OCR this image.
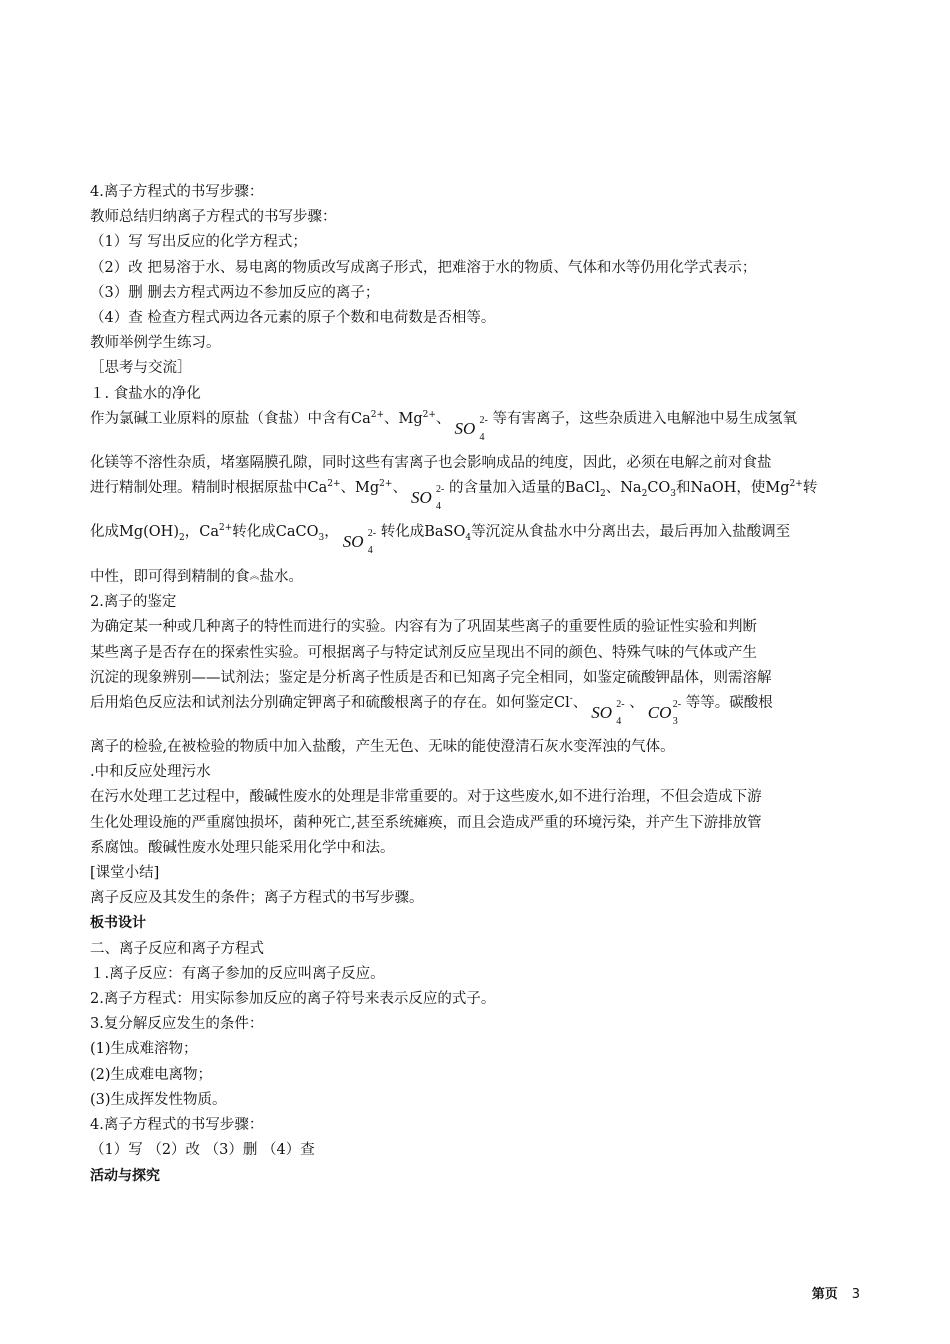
4.离子方程式的书写步骤：
教师总结归纳离子方程式的书写步骤：
（1）写 写出反应的化学方程式；
（2）改 把易溶于水、易电离的物质改写成离子形式，把难溶于水的物质、气体和水等仍用化学式表示；
（3）删 删去方程式两边不参加反应的离子；
（4）查 检查方程式两边各元素的原子个数和电荷数是否相等。
教师举例学生练习。
［思考与交流］
１. 食盐水的净化
作为氯碱工业原料的原盐（食盐）中含有$Ca^{2+}$、$Mg^{2+}$、 SO 2-
4
等有害离子，这些杂质进入电解池中易生成氢氧
化镁等不溶性杂质，堵塞隔膜孔隙，同时这些有害离子也会影响成品的纯度，因此，必须在电解之前对食盐
进行精制处理。精制时根据原盐中$Ca^{2+}$、$Mg^{2+}$、 SO 2-
4
的含量加入适量的BaCl$_2$、$Na_2CO_3$和NaOH，使$Mg^{2+}$转
化成$Mg(OH)_2$，$Ca^{2+}$转化成CaCO$_3$， SO 2-
4
转化成BaSO$_4$等沉淀从食盐水中分离出去，最后再加入盐酸调至
中性，即可得到精制的食︽盐水。
2.离子的鉴定
为确定某一种或几种离子的特性而进行的实验。内容有为了巩固某些离子的重要性质的验证性实验和判断
某些离子是否存在的探索性实验。可根据离子与特定试剂反应呈现出不同的颜色、特殊气味的气体或产生
沉淀的现象辨别——试剂法；鉴定是分析离子性质是否和已知离子完全相同，如鉴定硫酸钾晶体，则需溶解
后用焰色反应法和试剂法分别确定钾离子和硫酸根离子的存在。如何鉴定Cl-、 SO 2-
4
、 CO 2-
3
等等。碳酸根
离子的检验,在被检验的物质中加入盐酸，产生无色、无味的能使澄清石灰水变浑浊的气体。
.中和反应处理污水
在污水处理工艺过程中，酸碱性废水的处理是非常重要的。对于这些废水,如不进行治理，不但会造成下游
生化处理设施的严重腐蚀损坏，菌种死亡,甚至系统瘫痪，而且会造成严重的环境污染，并产生下游排放管
系腐蚀。酸碱性废水处理只能采用化学中和法。
[课堂小结]
离子反应及其发生的条件；离子方程式的书写步骤。
板书设计
二、离子反应和离子方程式
１.离子反应：有离子参加的反应叫离子反应。
2.离子方程式：用实际参加反应的离子符号来表示反应的式子。
3.复分解反应发生的条件：
(1)生成难溶物；
(2)生成难电离物；
(3)生成挥发性物质。
4.离子方程式的书写步骤：
（1）写 （2）改 （3）删 （4）查
活动与探究
第页 3
